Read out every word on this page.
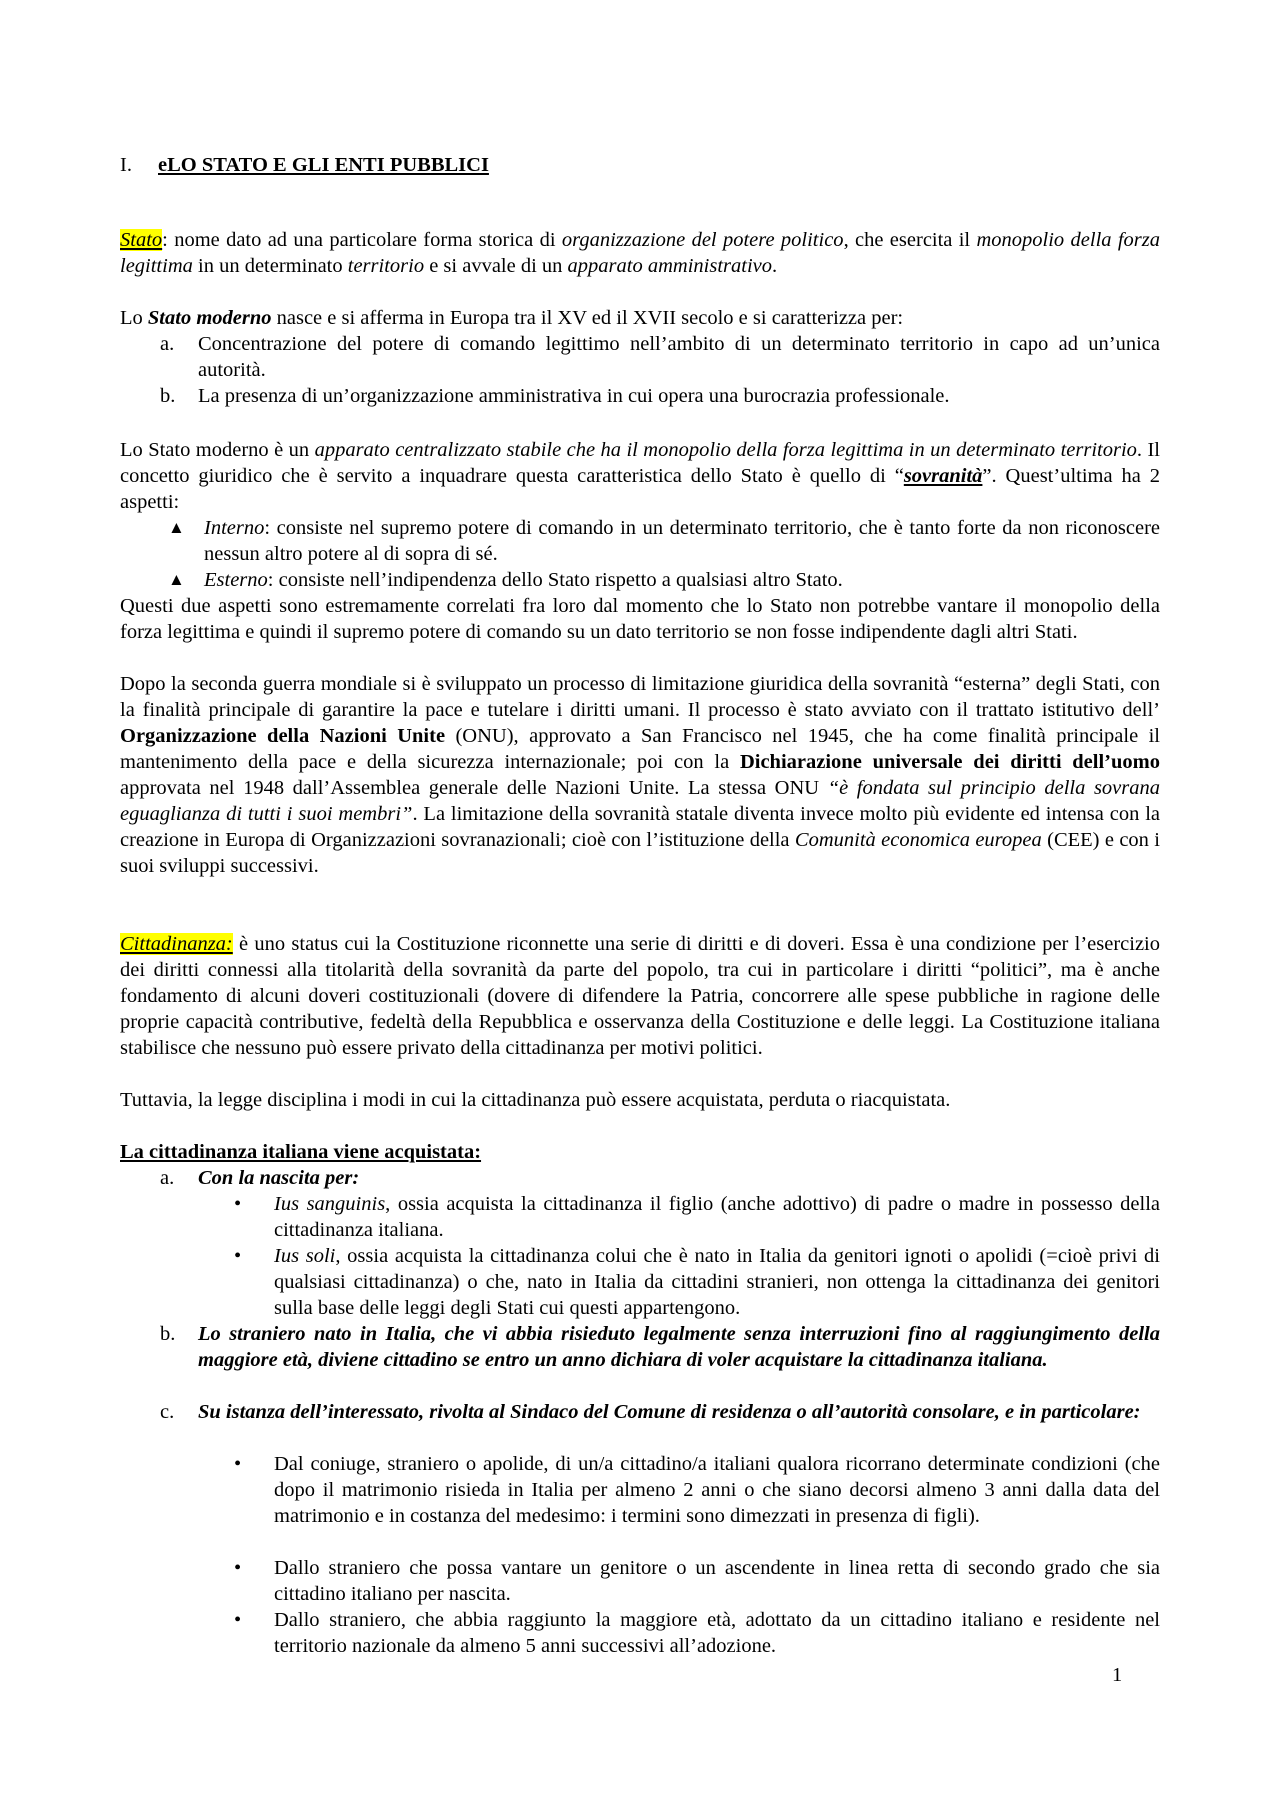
I. eLO STATO E GLI ENTI PUBBLICI

Stato: nome dato ad una particolare forma storica di organizzazione del potere politico, che esercita il monopolio della forza legittima in un determinato territorio e si avvale di un apparato amministrativo.

Lo Stato moderno nasce e si afferma in Europa tra il XV ed il XVII secolo e si caratterizza per:

a. Concentrazione del potere di comando legittimo nell’ambito di un determinato territorio in capo ad un’unica autorità.

b. La presenza di un’organizzazione amministrativa in cui opera una burocrazia professionale.

Lo Stato moderno è un apparato centralizzato stabile che ha il monopolio della forza legittima in un determinato territorio. Il concetto giuridico che è servito a inquadrare questa caratteristica dello Stato è quello di “sovranità”. Quest’ultima ha 2 aspetti:

▲ Interno: consiste nel supremo potere di comando in un determinato territorio, che è tanto forte da non riconoscere nessun altro potere al di sopra di sé.

▲ Esterno: consiste nell’indipendenza dello Stato rispetto a qualsiasi altro Stato.

Questi due aspetti sono estremamente correlati fra loro dal momento che lo Stato non potrebbe vantare il monopolio della forza legittima e quindi il supremo potere di comando su un dato territorio se non fosse indipendente dagli altri Stati.

Dopo la seconda guerra mondiale si è sviluppato un processo di limitazione giuridica della sovranità “esterna” degli Stati, con la finalità principale di garantire la pace e tutelare i diritti umani. Il processo è stato avviato con il trattato istitutivo dell’ Organizzazione della Nazioni Unite (ONU), approvato a San Francisco nel 1945, che ha come finalità principale il mantenimento della pace e della sicurezza internazionale; poi con la Dichiarazione universale dei diritti dell’uomo approvata nel 1948 dall’Assemblea generale delle Nazioni Unite. La stessa ONU “è fondata sul principio della sovrana eguaglianza di tutti i suoi membri”. La limitazione della sovranità statale diventa invece molto più evidente ed intensa con la creazione in Europa di Organizzazioni sovranazionali; cioè con l’istituzione della Comunità economica europea (CEE) e con i suoi sviluppi successivi.

Cittadinanza: è uno status cui la Costituzione riconnette una serie di diritti e di doveri. Essa è una condizione per l’esercizio dei diritti connessi alla titolarità della sovranità da parte del popolo, tra cui in particolare i diritti “politici”, ma è anche fondamento di alcuni doveri costituzionali (dovere di difendere la Patria, concorrere alle spese pubbliche in ragione delle proprie capacità contributive, fedeltà della Repubblica e osservanza della Costituzione e delle leggi. La Costituzione italiana stabilisce che nessuno può essere privato della cittadinanza per motivi politici.

Tuttavia, la legge disciplina i modi in cui la cittadinanza può essere acquistata, perduta o riacquistata.

La cittadinanza italiana viene acquistata:

a. Con la nascita per:

• Ius sanguinis, ossia acquista la cittadinanza il figlio (anche adottivo) di padre o madre in possesso della cittadinanza italiana.

• Ius soli, ossia acquista la cittadinanza colui che è nato in Italia da genitori ignoti o apolidi (=cioè privi di qualsiasi cittadinanza) o che, nato in Italia da cittadini stranieri, non ottenga la cittadinanza dei genitori sulla base delle leggi degli Stati cui questi appartengono.

b. Lo straniero nato in Italia, che vi abbia risieduto legalmente senza interruzioni fino al raggiungimento della maggiore età, diviene cittadino se entro un anno dichiara di voler acquistare la cittadinanza italiana.

c. Su istanza dell’interessato, rivolta al Sindaco del Comune di residenza o all’autorità consolare, e in particolare:

• Dal coniuge, straniero o apolide, di un/a cittadino/a italiani qualora ricorrano determinate condizioni (che dopo il matrimonio risieda in Italia per almeno 2 anni o che siano decorsi almeno 3 anni dalla data del matrimonio e in costanza del medesimo: i termini sono dimezzati in presenza di figli).

• Dallo straniero che possa vantare un genitore o un ascendente in linea retta di secondo grado che sia cittadino italiano per nascita.

• Dallo straniero, che abbia raggiunto la maggiore età, adottato da un cittadino italiano e residente nel territorio nazionale da almeno 5 anni successivi all’adozione.

1
